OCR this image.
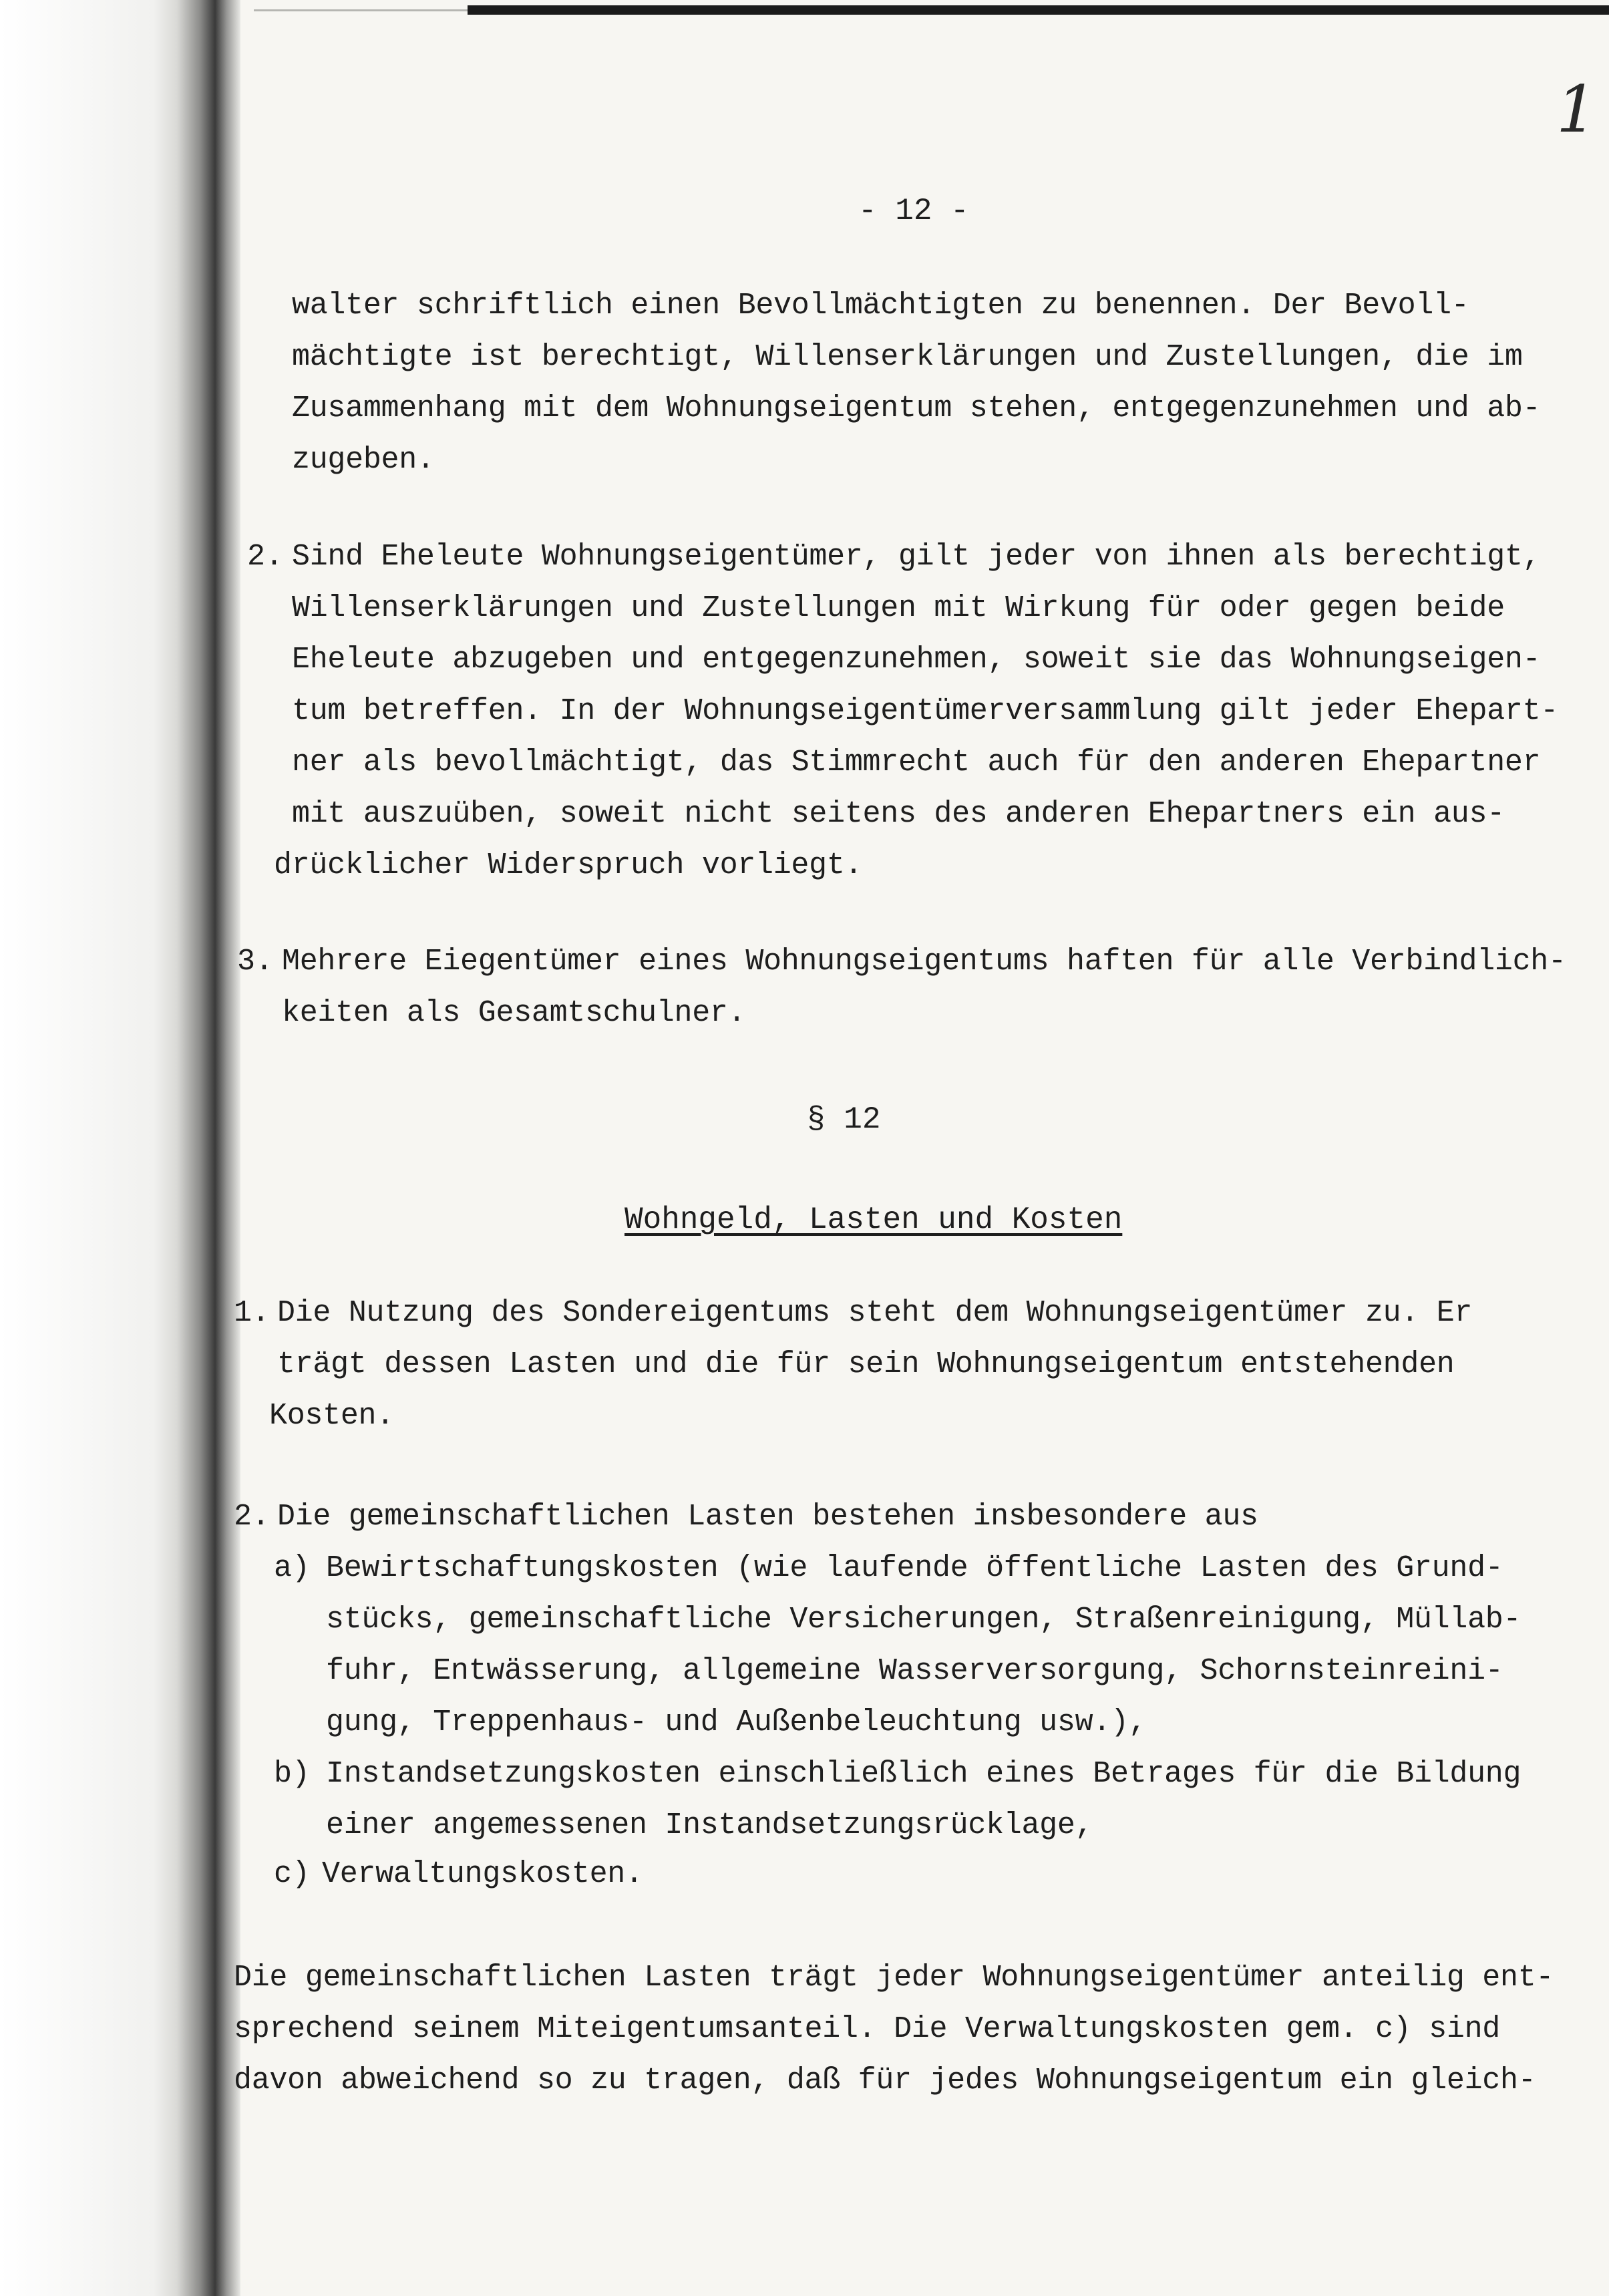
1
- 12 -
walter schriftlich einen Bevollmächtigten zu benennen. Der Bevoll-
mächtigte ist berechtigt, Willenserklärungen und Zustellungen, die im
Zusammenhang mit dem Wohnungseigentum stehen, entgegenzunehmen und ab-
zugeben.
2. Sind Eheleute Wohnungseigentümer, gilt jeder von ihnen als berechtigt,
Willenserklärungen und Zustellungen mit Wirkung für oder gegen beide
Eheleute abzugeben und entgegenzunehmen, soweit sie das Wohnungseigen-
tum betreffen. In der Wohnungseigentümerversammlung gilt jeder Ehepart-
ner als bevollmächtigt, das Stimmrecht auch für den anderen Ehepartner
mit auszuüben, soweit nicht seitens des anderen Ehepartners ein aus-
drücklicher Widerspruch vorliegt.
3. Mehrere Eiegentümer eines Wohnungseigentums haften für alle Verbindlich-
keiten als Gesamtschulner.
§ 12
Wohngeld, Lasten und Kosten
1. Die Nutzung des Sondereigentums steht dem Wohnungseigentümer zu. Er
trägt dessen Lasten und die für sein Wohnungseigentum entstehenden
Kosten.
2. Die gemeinschaftlichen Lasten bestehen insbesondere aus
a) Bewirtschaftungskosten (wie laufende öffentliche Lasten des Grund-
stücks, gemeinschaftliche Versicherungen, Straßenreinigung, Müllab-
fuhr, Entwässerung, allgemeine Wasserversorgung, Schornsteinreini-
gung, Treppenhaus- und Außenbeleuchtung usw.),
b) Instandsetzungskosten einschließlich eines Betrages für die Bildung
einer angemessenen Instandsetzungsrücklage,
c) Verwaltungskosten.
Die gemeinschaftlichen Lasten trägt jeder Wohnungseigentümer anteilig ent-
sprechend seinem Miteigentumsanteil. Die Verwaltungskosten gem. c) sind
davon abweichend so zu tragen, daß für jedes Wohnungseigentum ein gleich-
